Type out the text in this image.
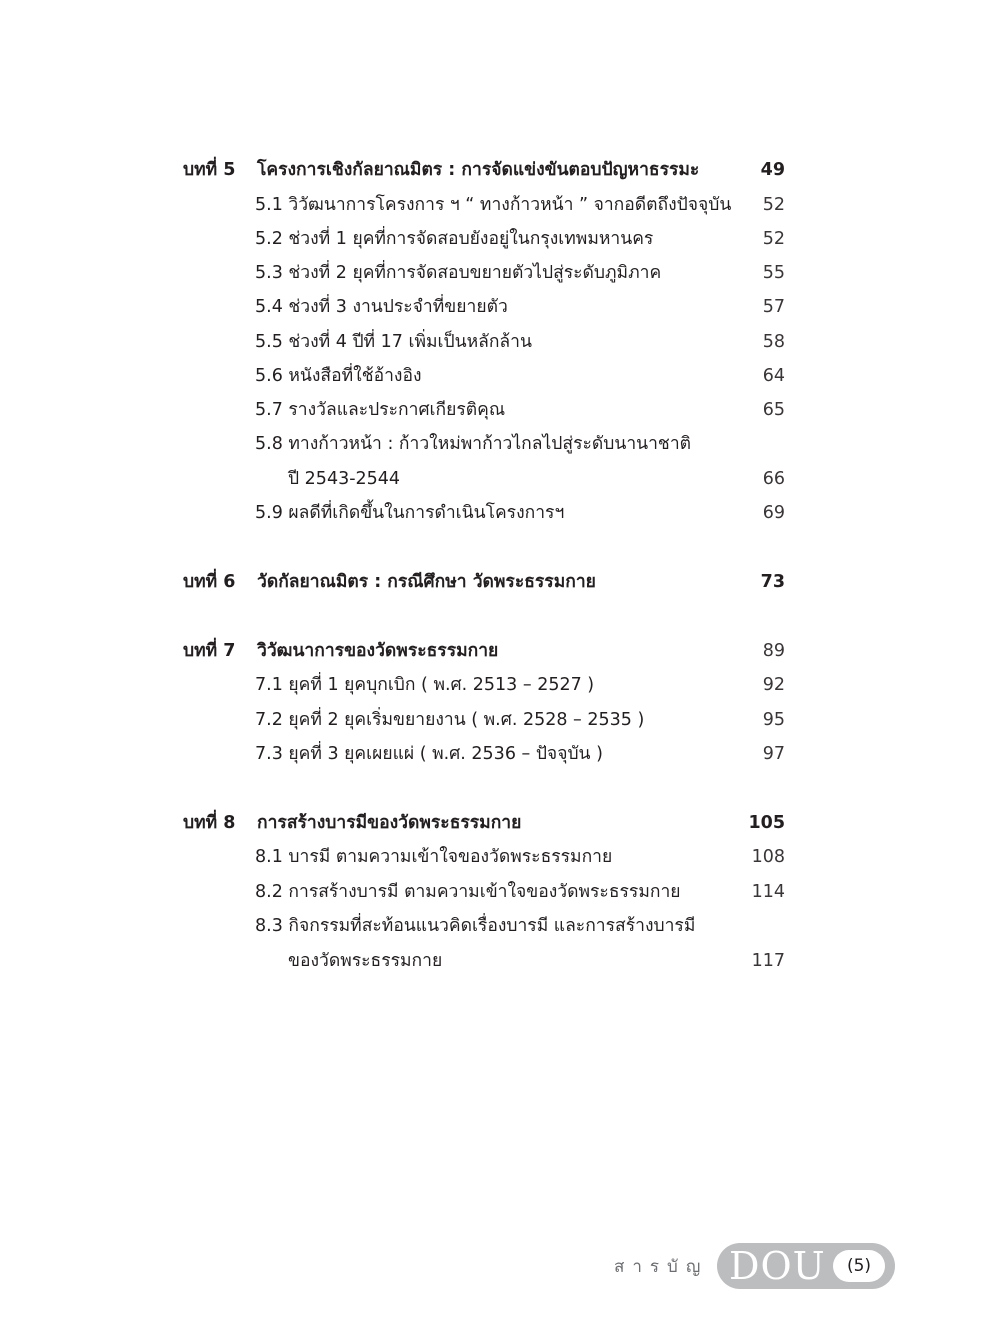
บทที่ 5 โครงการเชิงกัลยาณมิตร : การจัดแข่งขันตอบปัญหาธรรมะ	49
5.1 วิวัฒนาการโครงการ ฯ “ ทางก้าวหน้า ” จากอดีตถึงปัจจุบัน 52
5.2 ช่วงที่ 1 ยุคที่การจัดสอบยังอยู่ในกรุงเทพมหานคร	52
5.3 ช่วงที่ 2 ยุคที่การจัดสอบขยายตัวไปสู่ระดับภูมิภาค	55
5.4 ช่วงที่ 3 งานประจำที่ขยายตัว	57
5.5 ช่วงที่ 4 ปีที่ 17 เพิ่มเป็นหลักล้าน	58
5.6 หนังสือที่ใช้อ้างอิง	64
5.7 รางวัลและประกาศเกียรติคุณ	65
5.8 ทางก้าวหน้า : ก้าวใหม่พาก้าวไกลไปสู่ระดับนานาชาติ
ปี 2543-2544	66
5.9 ผลดีที่เกิดขึ้นในการดำเนินโครงการฯ	69
บทที่ 6 วัดกัลยาณมิตร : กรณีศึกษา วัดพระธรรมกาย	73
บทที่ 7 วิวัฒนาการของวัดพระธรรมกาย	89
7.1 ยุคที่ 1 ยุคบุกเบิก ( พ.ศ. 2513 – 2527 )	92
7.2 ยุคที่ 2 ยุคเริ่มขยายงาน ( พ.ศ. 2528 – 2535 )	95
7.3 ยุคที่ 3 ยุคเผยแผ่ ( พ.ศ. 2536 – ปัจจุบัน )	97
บทที่ 8 การสร้างบารมีของวัดพระธรรมกาย	105
8.1 บารมี ตามความเข้าใจของวัดพระธรรมกาย	108
8.2 การสร้างบารมี ตามความเข้าใจของวัดพระธรรมกาย	114
8.3 กิจกรรมที่สะท้อนแนวคิดเรื่องบารมี และการสร้างบารมี
ของวัดพระธรรมกาย	117
สารบัญ DOU	(5)
